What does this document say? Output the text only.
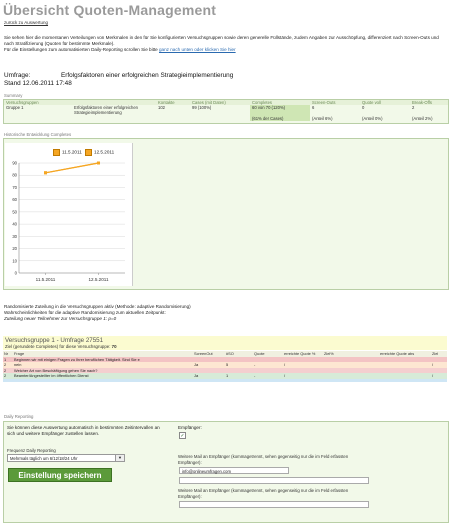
Übersicht Quoten-Management
zurück zu Auswertung
Sie sehen hier die momentanen Verteilungen von Merkmalen in den für Sie konfigurierten Versuchsgruppen sowie deren generelle Füllstände, zudem Angaben zur Ausschöpfung, differenziert nach Screen-Outs und nach Stratifizierung (Quoten für bestimmte Merkmale).
Für die Einstellungen zum automatisierten Daily-Reporting scrollen Sie bitte ganz nach unten oder klicken Sie hier
Umfrage:	Erfolgsfaktoren einer erfolgreichen Strategieimplementierung
Stand 12.06.2011 17:48
Summary
Versuchsgruppen		Kontakte	Cases (mit Daten)	Completes	Screen-Outs	Quote voll	Break-Offs
Gruppe 1	Erfolgsfaktoren einer erfolgreichen Strategieimplementierung	102	99 (100%)	60 von 70 (120%)	6	0	2
				(61% der Cases)	(Anteil 6%)	(Anteil 0%)	(Anteil 2%)
Historische Entwicklung Completes
11.5.2011	12.5.2011
0
10
20
30
40
50
60
70
80
90
11.5.2011	12.5.2011
Randomisierte Zuteilung in die Versuchsgruppen aktiv (Methode: adaptive Randomisierung)
Wahrscheinlichkeiten für die adaptive Randomisierung zum aktuellen Zeitpunkt:
Zuteilung neuer Teilnehmer zur Versuchsgruppe 1: p=0
Versuchsgruppe 1 - Umfrage 27551
Ziel (gerundete Completes) für diese Versuchsgruppe: 70
Nr	Frage	ScreenOut	#SO	Quote	erreichte Quote %	Ziel%	erreichte Quote abs	Ziel
1	Beginnen wir mit einigen Fragen zu Ihrer beruflichen Tätigkeit. Sind Sie e							
2	nein	Ja	5	-	/			/
2	Welcher Art von Beschäftigung gehen Sie nach?							
2	Beamter/Angestellter im öffentlichen Dienst	Ja	1	-	/			/

Daily Reporting
Sie können diese Auswertung automatisch in bestimmten Zeitintervallen an sich und weitere Empfänger zustellen lassen.
Frequenz Daily Reporting
Mehrmals täglich um 6/12/18/24 Uhr	▼
Einstellung speichern
Empfänger:
✓
Weitere Mail an Empfänger (kommagetrennt, sehen gegenseitig nur die im Feld erfassten Empfänger):
info@onlineumfragen.com
Weitere Mail an Empfänger (kommagetrennt, sehen gegenseitig nur die im Feld erfassten Empfänger):
